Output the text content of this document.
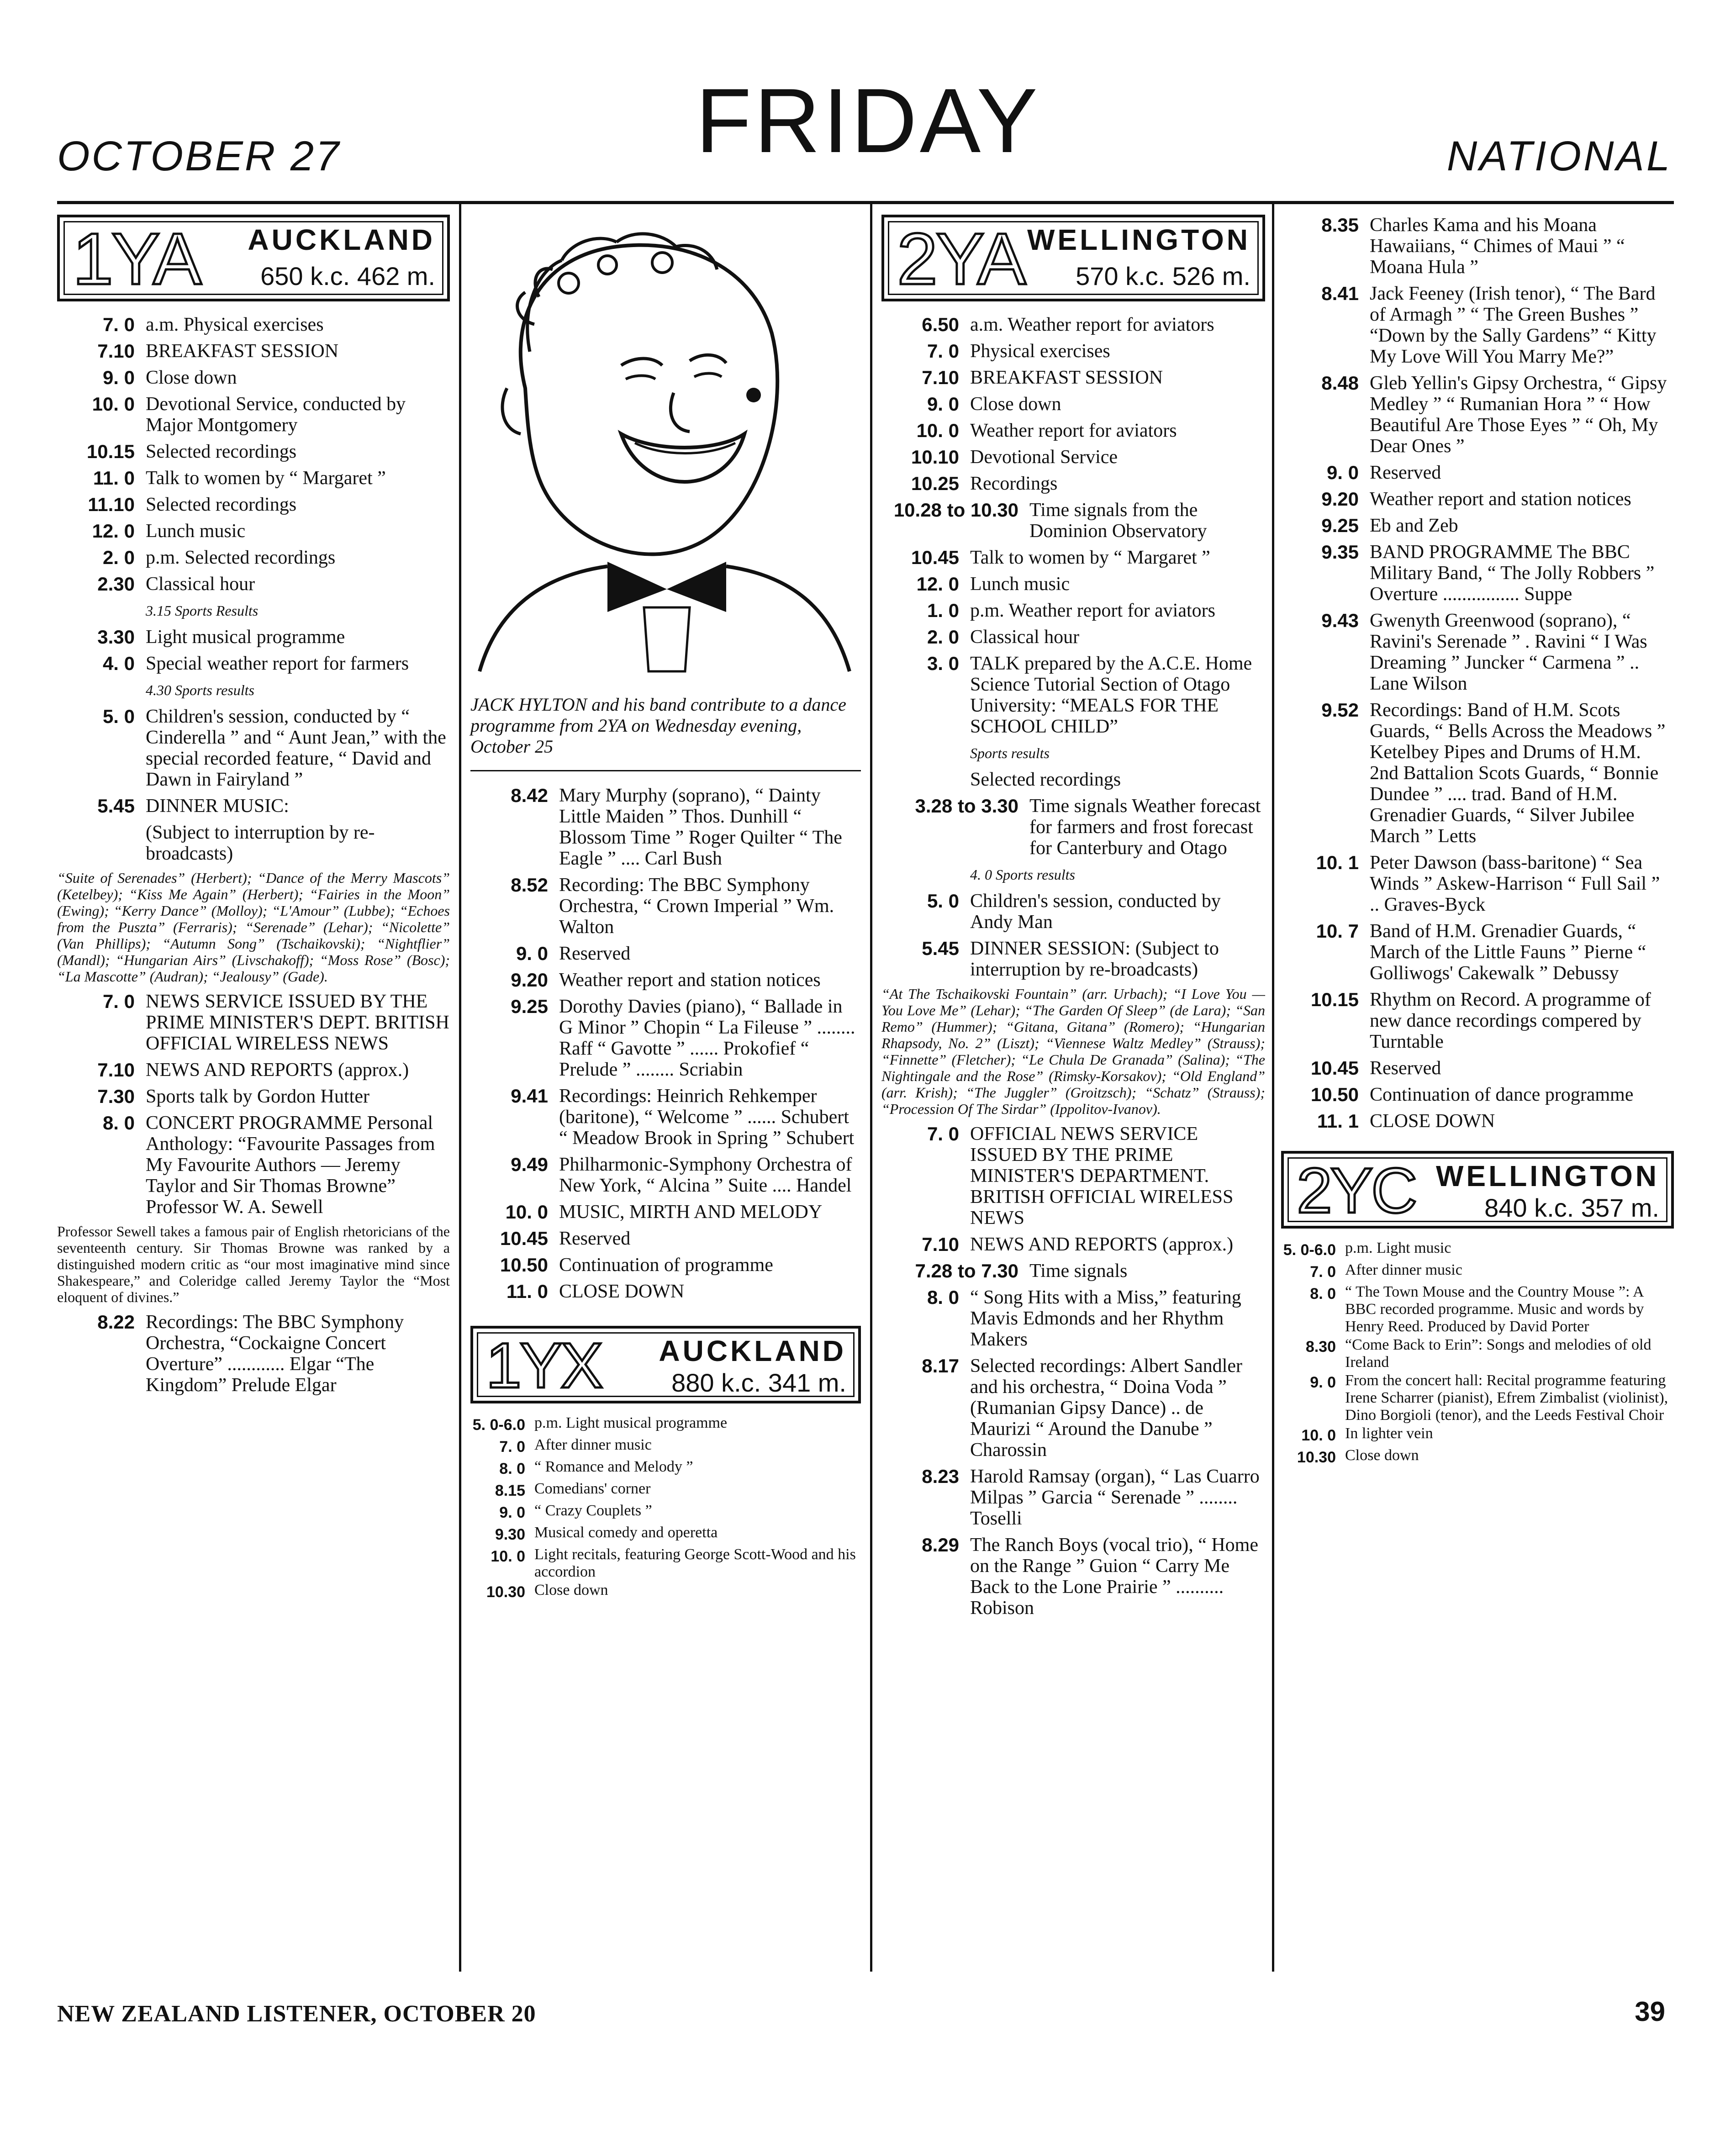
OCTOBER 27	FRIDAY	NATIONAL
1YA AUCKLAND
650 k.c. 462 m.
7. 0 a.m. Physical exercises
7.10 BREAKFAST SESSION
9. 0 Close down
10. 0 Devotional Service, conducted by Major Montgomery
10.15 Selected recordings
11. 0 Talk to women by “ Margaret ”
11.10 Selected recordings
12. 0 Lunch music
2. 0 p.m. Selected recordings
2.30 Classical hour
3.15 Sports Results
3.30 Light musical programme
4. 0 Special weather report for farmers
4.30 Sports results
5. 0 Children's session, conducted by “ Cinderella ” and “ Aunt Jean,” with the special recorded feature, “ David and Dawn in Fairyland ”
5.45 DINNER MUSIC:
(Subject to interruption by re-broadcasts)
“Suite of Serenades” (Herbert); “Dance of the Merry Mascots” (Ketelbey); “Kiss Me Again” (Herbert); “Fairies in the Moon” (Ewing); “Kerry Dance” (Molloy); “L'Amour” (Lubbe); “Echoes from the Puszta” (Ferraris); “Serenade” (Lehar); “Nicolette” (Van Phillips); “Autumn Song” (Tschaikovski); “Nightflier” (Mandl); “Hungarian Airs” (Livschakoff); “Moss Rose” (Bosc); “La Mascotte” (Audran); “Jealousy” (Gade).
7. 0 NEWS SERVICE ISSUED BY THE PRIME MINISTER'S DEPT. BRITISH OFFICIAL WIRELESS NEWS
7.10 NEWS AND REPORTS (approx.)
7.30 Sports talk by Gordon Hutter
8. 0 CONCERT PROGRAMME Personal Anthology: “Favourite Passages from My Favourite Authors — Jeremy Taylor and Sir Thomas Browne” Professor W. A. Sewell
Professor Sewell takes a famous pair of English rhetoricians of the seventeenth century. Sir Thomas Browne was ranked by a distinguished modern critic as “our most imaginative mind since Shakespeare,” and Coleridge called Jeremy Taylor the “Most eloquent of divines.”
8.22 Recordings: The BBC Symphony Orchestra, “Cockaigne Concert Overture” ............ Elgar “The Kingdom” Prelude Elgar
JACK HYLTON and his band contribute to a dance programme from 2YA on Wednesday evening, October 25
8.42 Mary Murphy (soprano), “ Dainty Little Maiden ” Thos. Dunhill “ Blossom Time ” Roger Quilter “ The Eagle ” .... Carl Bush
8.52 Recording: The BBC Symphony Orchestra, “ Crown Imperial ” Wm. Walton
9. 0 Reserved
9.20 Weather report and station notices
9.25 Dorothy Davies (piano), “ Ballade in G Minor ” Chopin “ La Fileuse ” ........ Raff “ Gavotte ” ...... Prokofief “ Prelude ” ........ Scriabin
9.41 Recordings: Heinrich Rehkemper (baritone), “ Welcome ” ...... Schubert “ Meadow Brook in Spring ” Schubert
9.49 Philharmonic-Symphony Orchestra of New York, “ Alcina ” Suite .... Handel
10. 0 MUSIC, MIRTH AND MELODY
10.45 Reserved
10.50 Continuation of programme
11. 0 CLOSE DOWN
1YX AUCKLAND
880 k.c. 341 m.
5. 0-6.0 p.m. Light musical programme
7. 0 After dinner music
8. 0 “ Romance and Melody ”
8.15 Comedians' corner
9. 0 “ Crazy Couplets ”
9.30 Musical comedy and operetta
10. 0 Light recitals, featuring George Scott-Wood and his accordion
10.30 Close down
2YA WELLINGTON
570 k.c. 526 m.
6.50 a.m. Weather report for aviators
7. 0 Physical exercises
7.10 BREAKFAST SESSION
9. 0 Close down
10. 0 Weather report for aviators
10.10 Devotional Service
10.25 Recordings
10.28 to 10.30 Time signals from the Dominion Observatory
10.45 Talk to women by “ Margaret ”
12. 0 Lunch music
1. 0 p.m. Weather report for aviators
2. 0 Classical hour
3. 0 TALK prepared by the A.C.E. Home Science Tutorial Section of Otago University: “MEALS FOR THE SCHOOL CHILD”
Sports results
Selected recordings
3.28 to 3.30 Time signals Weather forecast for farmers and frost forecast for Canterbury and Otago
4. 0 Sports results
5. 0 Children's session, conducted by Andy Man
5.45 DINNER SESSION: (Subject to interruption by re-broadcasts)
“At The Tschaikovski Fountain” (arr. Urbach); “I Love You — You Love Me” (Lehar); “The Garden Of Sleep” (de Lara); “San Remo” (Hummer); “Gitana, Gitana” (Romero); “Hungarian Rhapsody, No. 2” (Liszt); “Viennese Waltz Medley” (Strauss); “Finnette” (Fletcher); “Le Chula De Granada” (Salina); “The Nightingale and the Rose” (Rimsky-Korsakov); “Old England” (arr. Krish); “The Juggler” (Groitzsch); “Schatz” (Strauss); “Procession Of The Sirdar” (Ippolitov-Ivanov).
7. 0 OFFICIAL NEWS SERVICE ISSUED BY THE PRIME MINISTER'S DEPARTMENT. BRITISH OFFICIAL WIRELESS NEWS
7.10 NEWS AND REPORTS (approx.)
7.28 to 7.30 Time signals
8. 0 “ Song Hits with a Miss,” featuring Mavis Edmonds and her Rhythm Makers
8.17 Selected recordings: Albert Sandler and his orchestra, “ Doina Voda ” (Rumanian Gipsy Dance) .. de Maurizi “ Around the Danube ” Charossin
8.23 Harold Ramsay (organ), “ Las Cuarro Milpas ” Garcia “ Serenade ” ........ Toselli
8.29 The Ranch Boys (vocal trio), “ Home on the Range ” Guion “ Carry Me Back to the Lone Prairie ” .......... Robison
8.35 Charles Kama and his Moana Hawaiians, “ Chimes of Maui ” “ Moana Hula ”
8.41 Jack Feeney (Irish tenor), “ The Bard of Armagh ” “ The Green Bushes ” “Down by the Sally Gardens” “ Kitty My Love Will You Marry Me?”
8.48 Gleb Yellin's Gipsy Orchestra, “ Gipsy Medley ” “ Rumanian Hora ” “ How Beautiful Are Those Eyes ” “ Oh, My Dear Ones ”
9. 0 Reserved
9.20 Weather report and station notices
9.25 Eb and Zeb
9.35 BAND PROGRAMME The BBC Military Band, “ The Jolly Robbers ” Overture ................ Suppe
9.43 Gwenyth Greenwood (soprano), “ Ravini's Serenade ” . Ravini “ I Was Dreaming ” Juncker “ Carmena ” .. Lane Wilson
9.52 Recordings: Band of H.M. Scots Guards, “ Bells Across the Meadows ” Ketelbey Pipes and Drums of H.M. 2nd Battalion Scots Guards, “ Bonnie Dundee ” .... trad. Band of H.M. Grenadier Guards, “ Silver Jubilee March ” Letts
10. 1 Peter Dawson (bass-baritone) “ Sea Winds ” Askew-Harrison “ Full Sail ” .. Graves-Byck
10. 7 Band of H.M. Grenadier Guards, “ March of the Little Fauns ” Pierne “ Golliwogs' Cakewalk ” Debussy
10.15 Rhythm on Record. A programme of new dance recordings compered by Turntable
10.45 Reserved
10.50 Continuation of dance programme
11. 1 CLOSE DOWN
2YC WELLINGTON
840 k.c. 357 m.
5. 0-6.0 p.m. Light music
7. 0 After dinner music
8. 0 “ The Town Mouse and the Country Mouse ”: A BBC recorded programme. Music and words by Henry Reed. Produced by David Porter
8.30 “Come Back to Erin”: Songs and melodies of old Ireland
9. 0 From the concert hall: Recital programme featuring Irene Scharrer (pianist), Efrem Zimbalist (violinist), Dino Borgioli (tenor), and the Leeds Festival Choir
10. 0 In lighter vein
10.30 Close down
NEW ZEALAND LISTENER, OCTOBER 20	39
